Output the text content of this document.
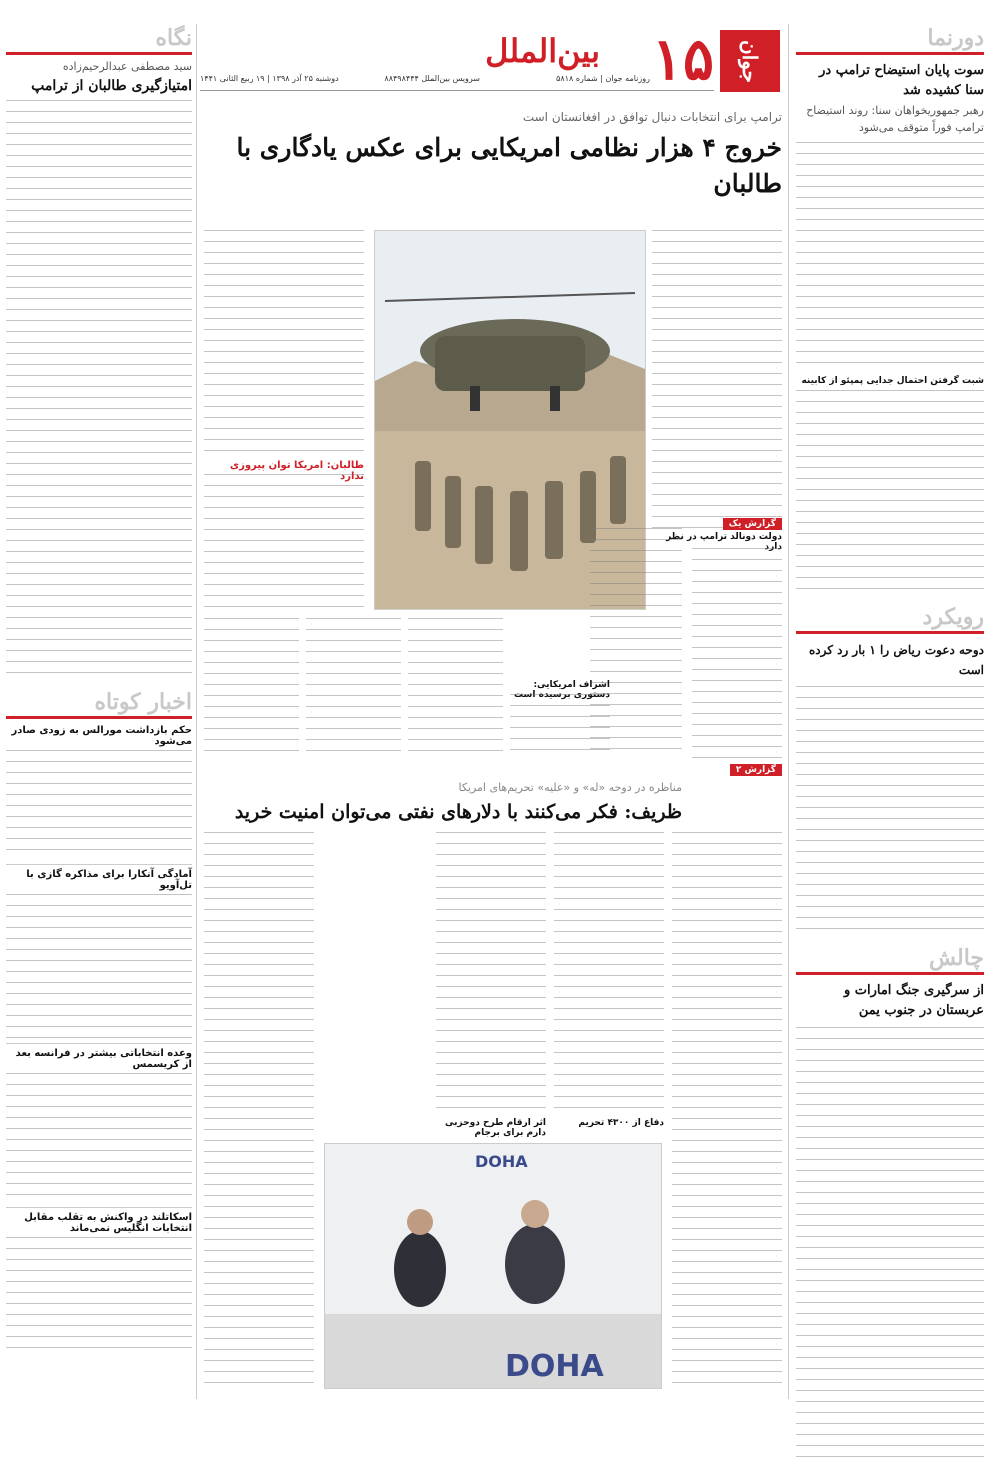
جوان
۱۵
بین‌الملل
دوشنبه ۲۵ آذر ۱۳۹۸ | ۱۹ ربیع الثانی ۱۴۴۱	روزنامه جوان | شماره ۵۸۱۸
سرویس بین‌الملل ۸۸۴۹۸۴۴۴
نگاه
سید مصطفی عبدالرحیم‌زاده
امتیازگیری طالبان از ترامپ
اخبار کوتاه
حکم بازداشت مورالس به زودی صادر می‌شود
آمادگی آنکارا برای مذاکره گازی با تل‌آویو
وعده انتخاباتی بیشتر در فرانسه بعد از کریسمس
اسکاتلند در واکنش به تقلب مقابل انتخابات انگلیس نمی‌ماند
ترامپ برای انتخابات دنبال توافق در افغانستان است
خروج ۴ هزار نظامی امریکایی برای عکس یادگاری با طالبان
گزارش یک
دولت دونالد ترامپ در نظر دارد
طالبان: امریکا توان پیروزی ندارد
اشراف امریکایی: دستوری برسیده است
گزارش ۲
مناظره در دوحه «له» و «علیه» تحریم‌های امریکا
ظریف: فکر می‌کنند با دلارهای نفتی می‌توان امنیت خرید
دفاع از ۴۳۰۰ تحریم
اثر ارقام طرح دوحزبی دارم برای برجام
DOHA
DOHA
دورنما
سوت پایان استیضاح ترامپ در سنا کشیده شد
رهبر جمهوریخواهان سنا: روند استیضاح ترامپ فوراً متوقف می‌شود
شبت گرفتن احتمال جدایی پمپئو از کابینه
رویکرد
دوحه دعوت ریاض را ۱ بار رد کرده است
چالش
از سرگیری جنگ امارات و عربستان در جنوب یمن
